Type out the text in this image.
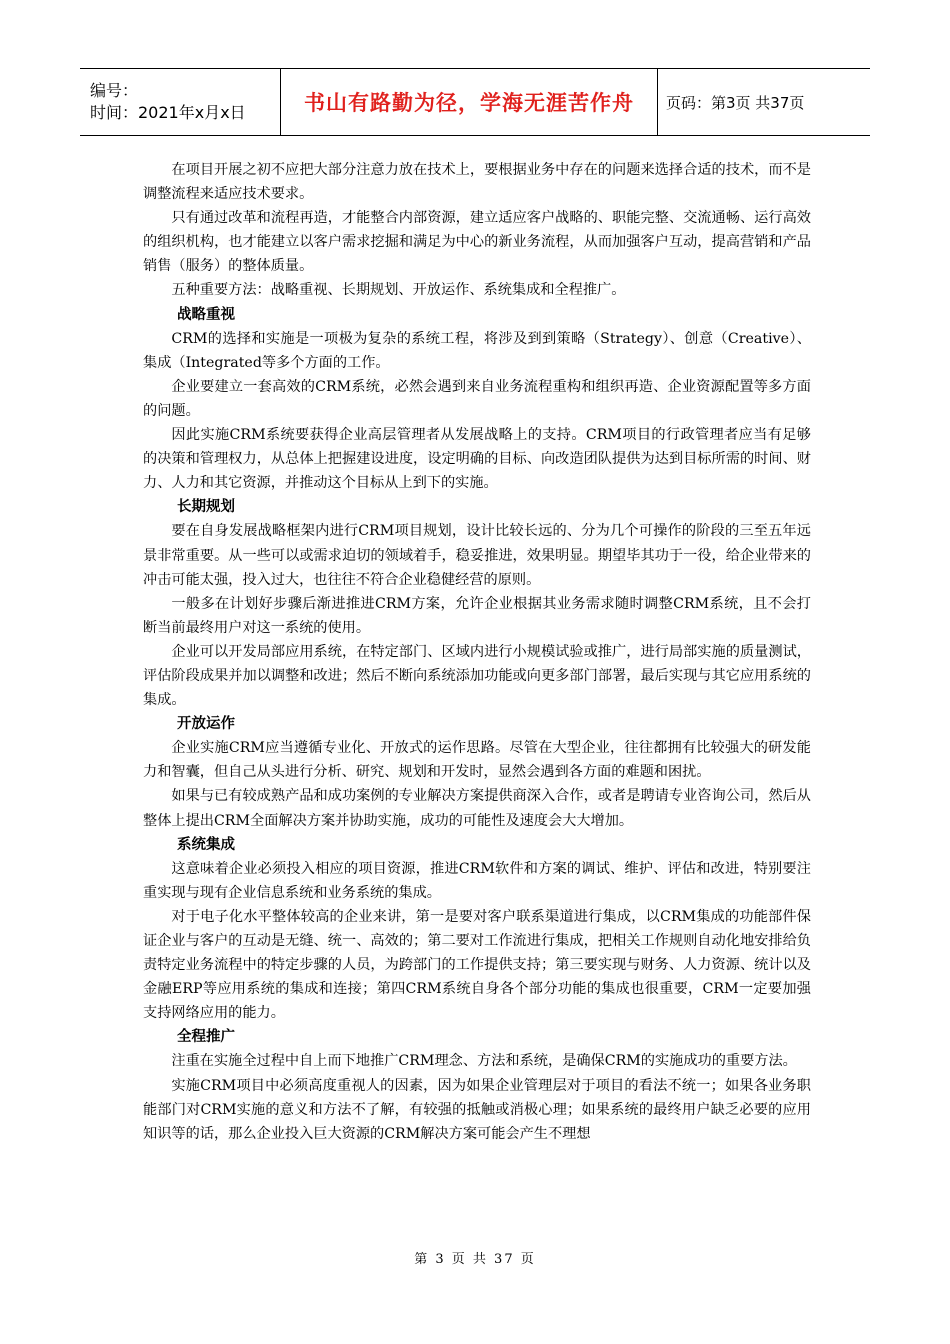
编号：
时间：2021年x月x日	书山有路勤为径，学海无涯苦作舟 页码：第3页 共37页

在项目开展之初不应把大部分注意力放在技术上，要根据业务中存在的问题来选择合适的技术，而不是调整流程来适应技术要求。

只有通过改革和流程再造，才能整合内部资源，建立适应客户战略的、职能完整、交流通畅、运行高效的组织机构，也才能建立以客户需求挖掘和满足为中心的新业务流程，从而加强客户互动，提高营销和产品销售（服务）的整体质量。

五种重要方法：战略重视、长期规划、开放运作、系统集成和全程推广。

战略重视

CRM的选择和实施是一项极为复杂的系统工程，将涉及到到策略（Strategy）、创意（Creative）、集成（Integrated等多个方面的工作。

企业要建立一套高效的CRM系统，必然会遇到来自业务流程重构和组织再造、企业资源配置等多方面的问题。

因此实施CRM系统要获得企业高层管理者从发展战略上的支持。CRM项目的行政管理者应当有足够的决策和管理权力，从总体上把握建设进度，设定明确的目标、向改造团队提供为达到目标所需的时间、财力、人力和其它资源，并推动这个目标从上到下的实施。

长期规划

要在自身发展战略框架内进行CRM项目规划，设计比较长远的、分为几个可操作的阶段的三至五年远景非常重要。从一些可以或需求迫切的领域着手，稳妥推进，效果明显。期望毕其功于一役，给企业带来的冲击可能太强，投入过大，也往往不符合企业稳健经营的原则。

一般多在计划好步骤后渐进推进CRM方案，允许企业根据其业务需求随时调整CRM系统，且不会打断当前最终用户对这一系统的使用。

企业可以开发局部应用系统，在特定部门、区域内进行小规模试验或推广，进行局部实施的质量测试，评估阶段成果并加以调整和改进；然后不断向系统添加功能或向更多部门部署，最后实现与其它应用系统的集成。

开放运作

企业实施CRM应当遵循专业化、开放式的运作思路。尽管在大型企业，往往都拥有比较强大的研发能力和智囊，但自己从头进行分析、研究、规划和开发时，显然会遇到各方面的难题和困扰。

如果与已有较成熟产品和成功案例的专业解决方案提供商深入合作，或者是聘请专业咨询公司，然后从整体上提出CRM全面解决方案并协助实施，成功的可能性及速度会大大增加。

系统集成

这意味着企业必须投入相应的项目资源，推进CRM软件和方案的调试、维护、评估和改进，特别要注重实现与现有企业信息系统和业务系统的集成。

对于电子化水平整体较高的企业来讲，第一是要对客户联系渠道进行集成，以CRM集成的功能部件保证企业与客户的互动是无缝、统一、高效的；第二要对工作流进行集成，把相关工作规则自动化地安排给负责特定业务流程中的特定步骤的人员，为跨部门的工作提供支持；第三要实现与财务、人力资源、统计以及金融ERP等应用系统的集成和连接；第四CRM系统自身各个部分功能的集成也很重要，CRM一定要加强支持网络应用的能力。

全程推广

注重在实施全过程中自上而下地推广CRM理念、方法和系统，是确保CRM的实施成功的重要方法。

实施CRM项目中必须高度重视人的因素，因为如果企业管理层对于项目的看法不统一；如果各业务职能部门对CRM实施的意义和方法不了解，有较强的抵触或消极心理；如果系统的最终用户缺乏必要的应用知识等的话，那么企业投入巨大资源的CRM解决方案可能会产生不理想

第 3 页 共 37 页
